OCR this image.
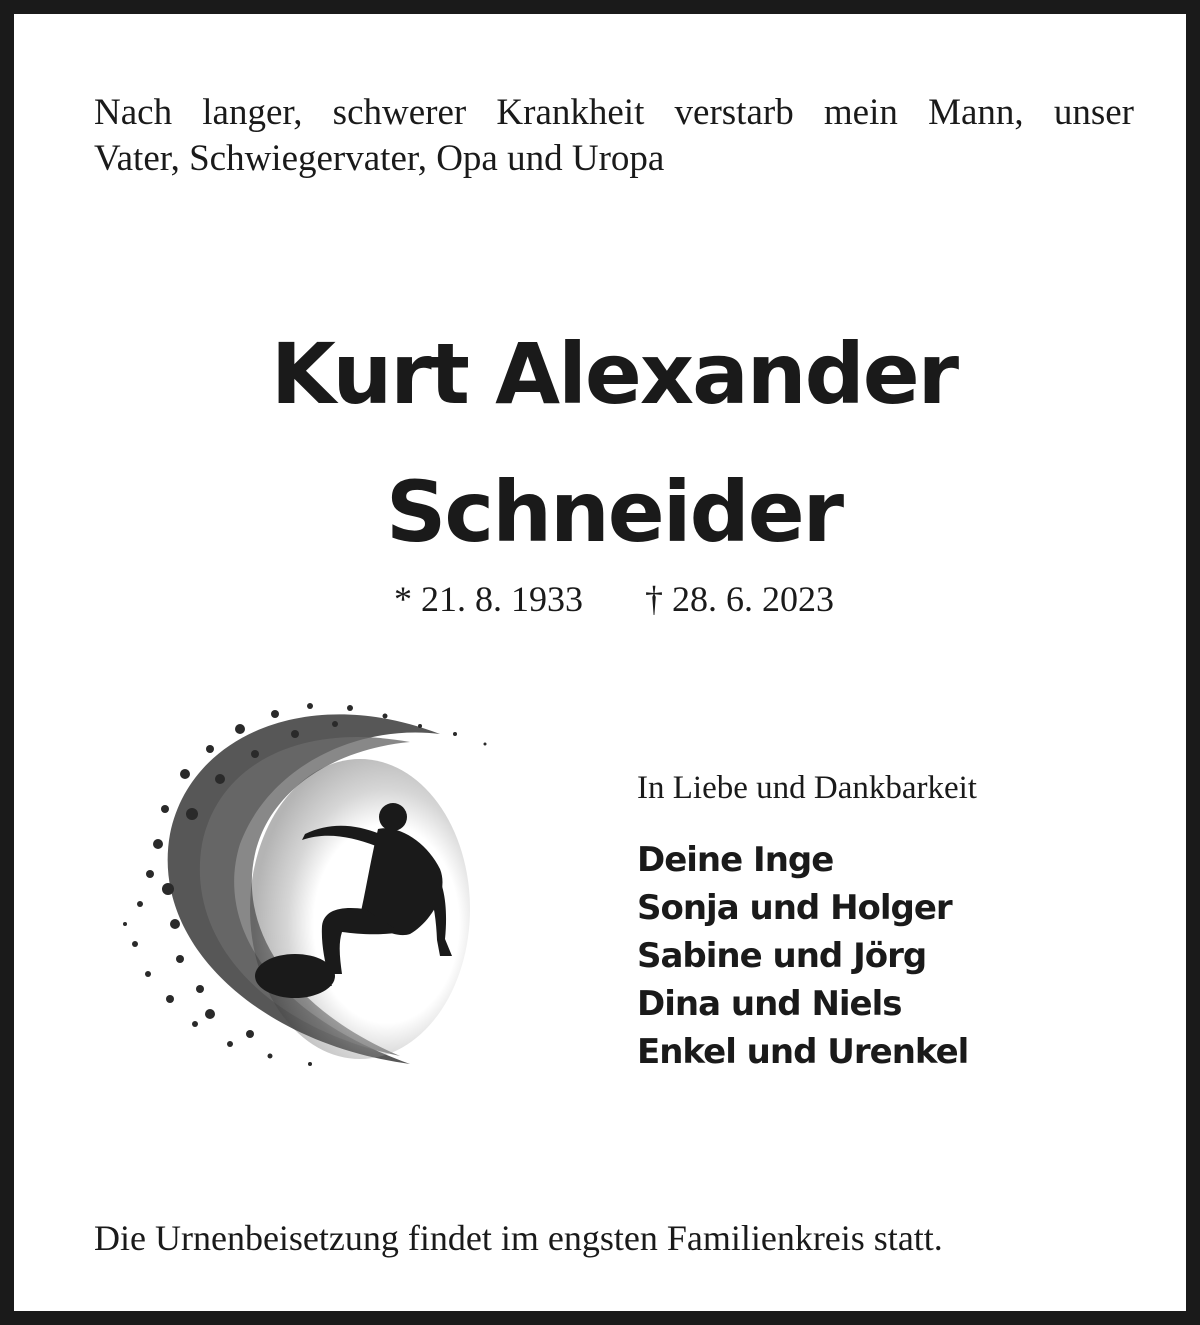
Nach langer, schwerer Krankheit verstarb mein Mann, unser
Vater, Schwiegervater, Opa und Uropa

Kurt Alexander
Schneider
* 21. 8. 1933 † 28. 6. 2023

In Liebe und Dankbarkeit

Deine Inge
Sonja und Holger
Sabine und Jörg
Dina und Niels
Enkel und Urenkel

Die Urnenbeisetzung findet im engsten Familienkreis statt.
